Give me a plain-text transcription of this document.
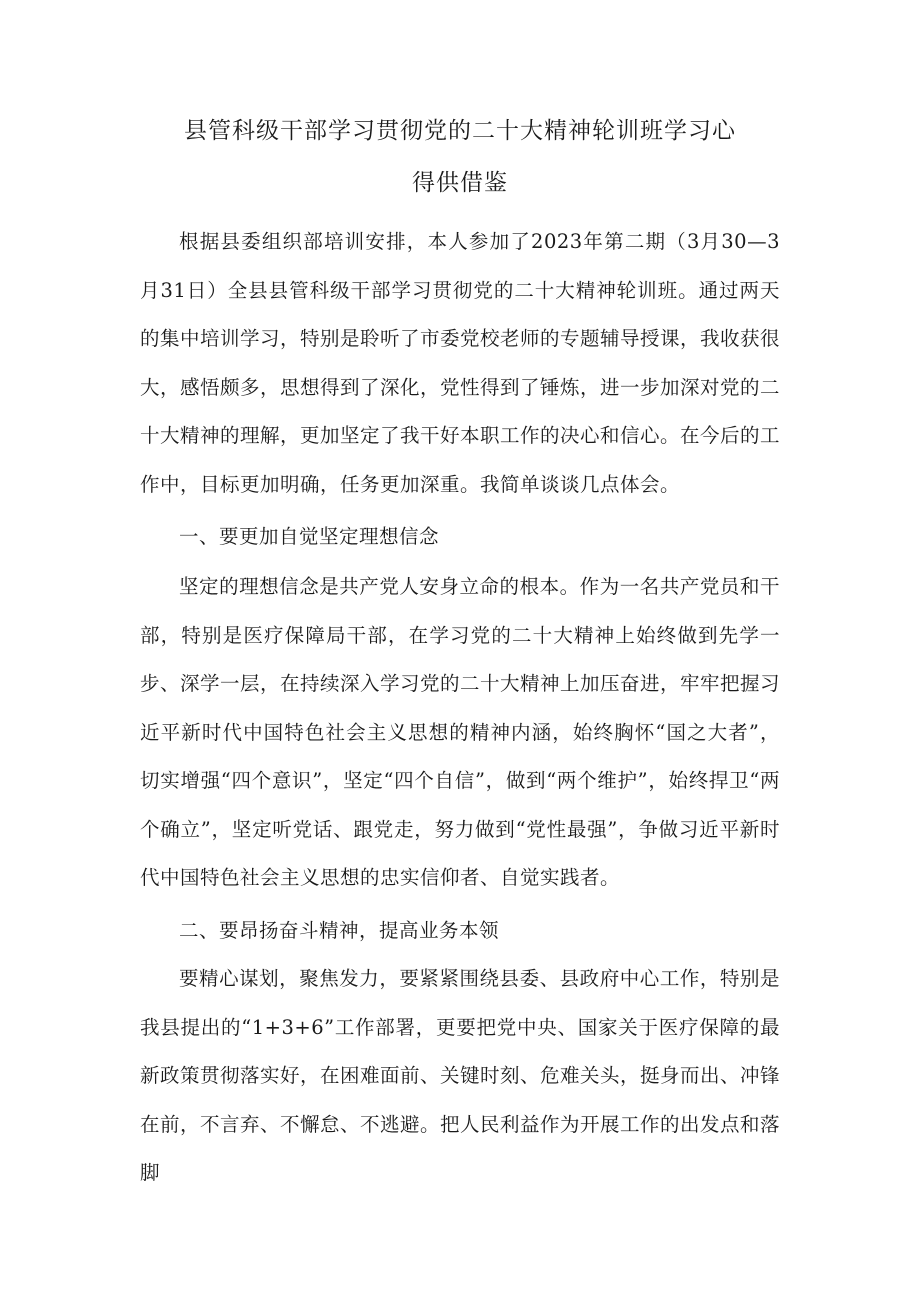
县管科级干部学习贯彻党的二十大精神轮训班学习心
得供借鉴
根据县委组织部培训安排，本人参加了2023年第二期（3月30—3月31日）全县县管科级干部学习贯彻党的二十大精神轮训班。通过两天的集中培训学习，特别是聆听了市委党校老师的专题辅导授课，我收获很大，感悟颇多，思想得到了深化，党性得到了锤炼，进一步加深对党的二十大精神的理解，更加坚定了我干好本职工作的决心和信心。在今后的工作中，目标更加明确，任务更加深重。我简单谈谈几点体会。
一、要更加自觉坚定理想信念
坚定的理想信念是共产党人安身立命的根本。作为一名共产党员和干部，特别是医疗保障局干部，在学习党的二十大精神上始终做到先学一步、深学一层，在持续深入学习党的二十大精神上加压奋进，牢牢把握习近平新时代中国特色社会主义思想的精神内涵，始终胸怀“国之大者”，切实增强“四个意识”，坚定“四个自信”，做到“两个维护”，始终捍卫“两个确立”，坚定听党话、跟党走，努力做到“党性最强”，争做习近平新时代中国特色社会主义思想的忠实信仰者、自觉实践者。
二、要昂扬奋斗精神，提高业务本领
要精心谋划，聚焦发力，要紧紧围绕县委、县政府中心工作，特别是我县提出的“1+3+6”工作部署，更要把党中央、国家关于医疗保障的最新政策贯彻落实好，在困难面前、关键时刻、危难关头，挺身而出、冲锋在前，不言弃、不懈怠、不逃避。把人民利益作为开展工作的出发点和落脚
